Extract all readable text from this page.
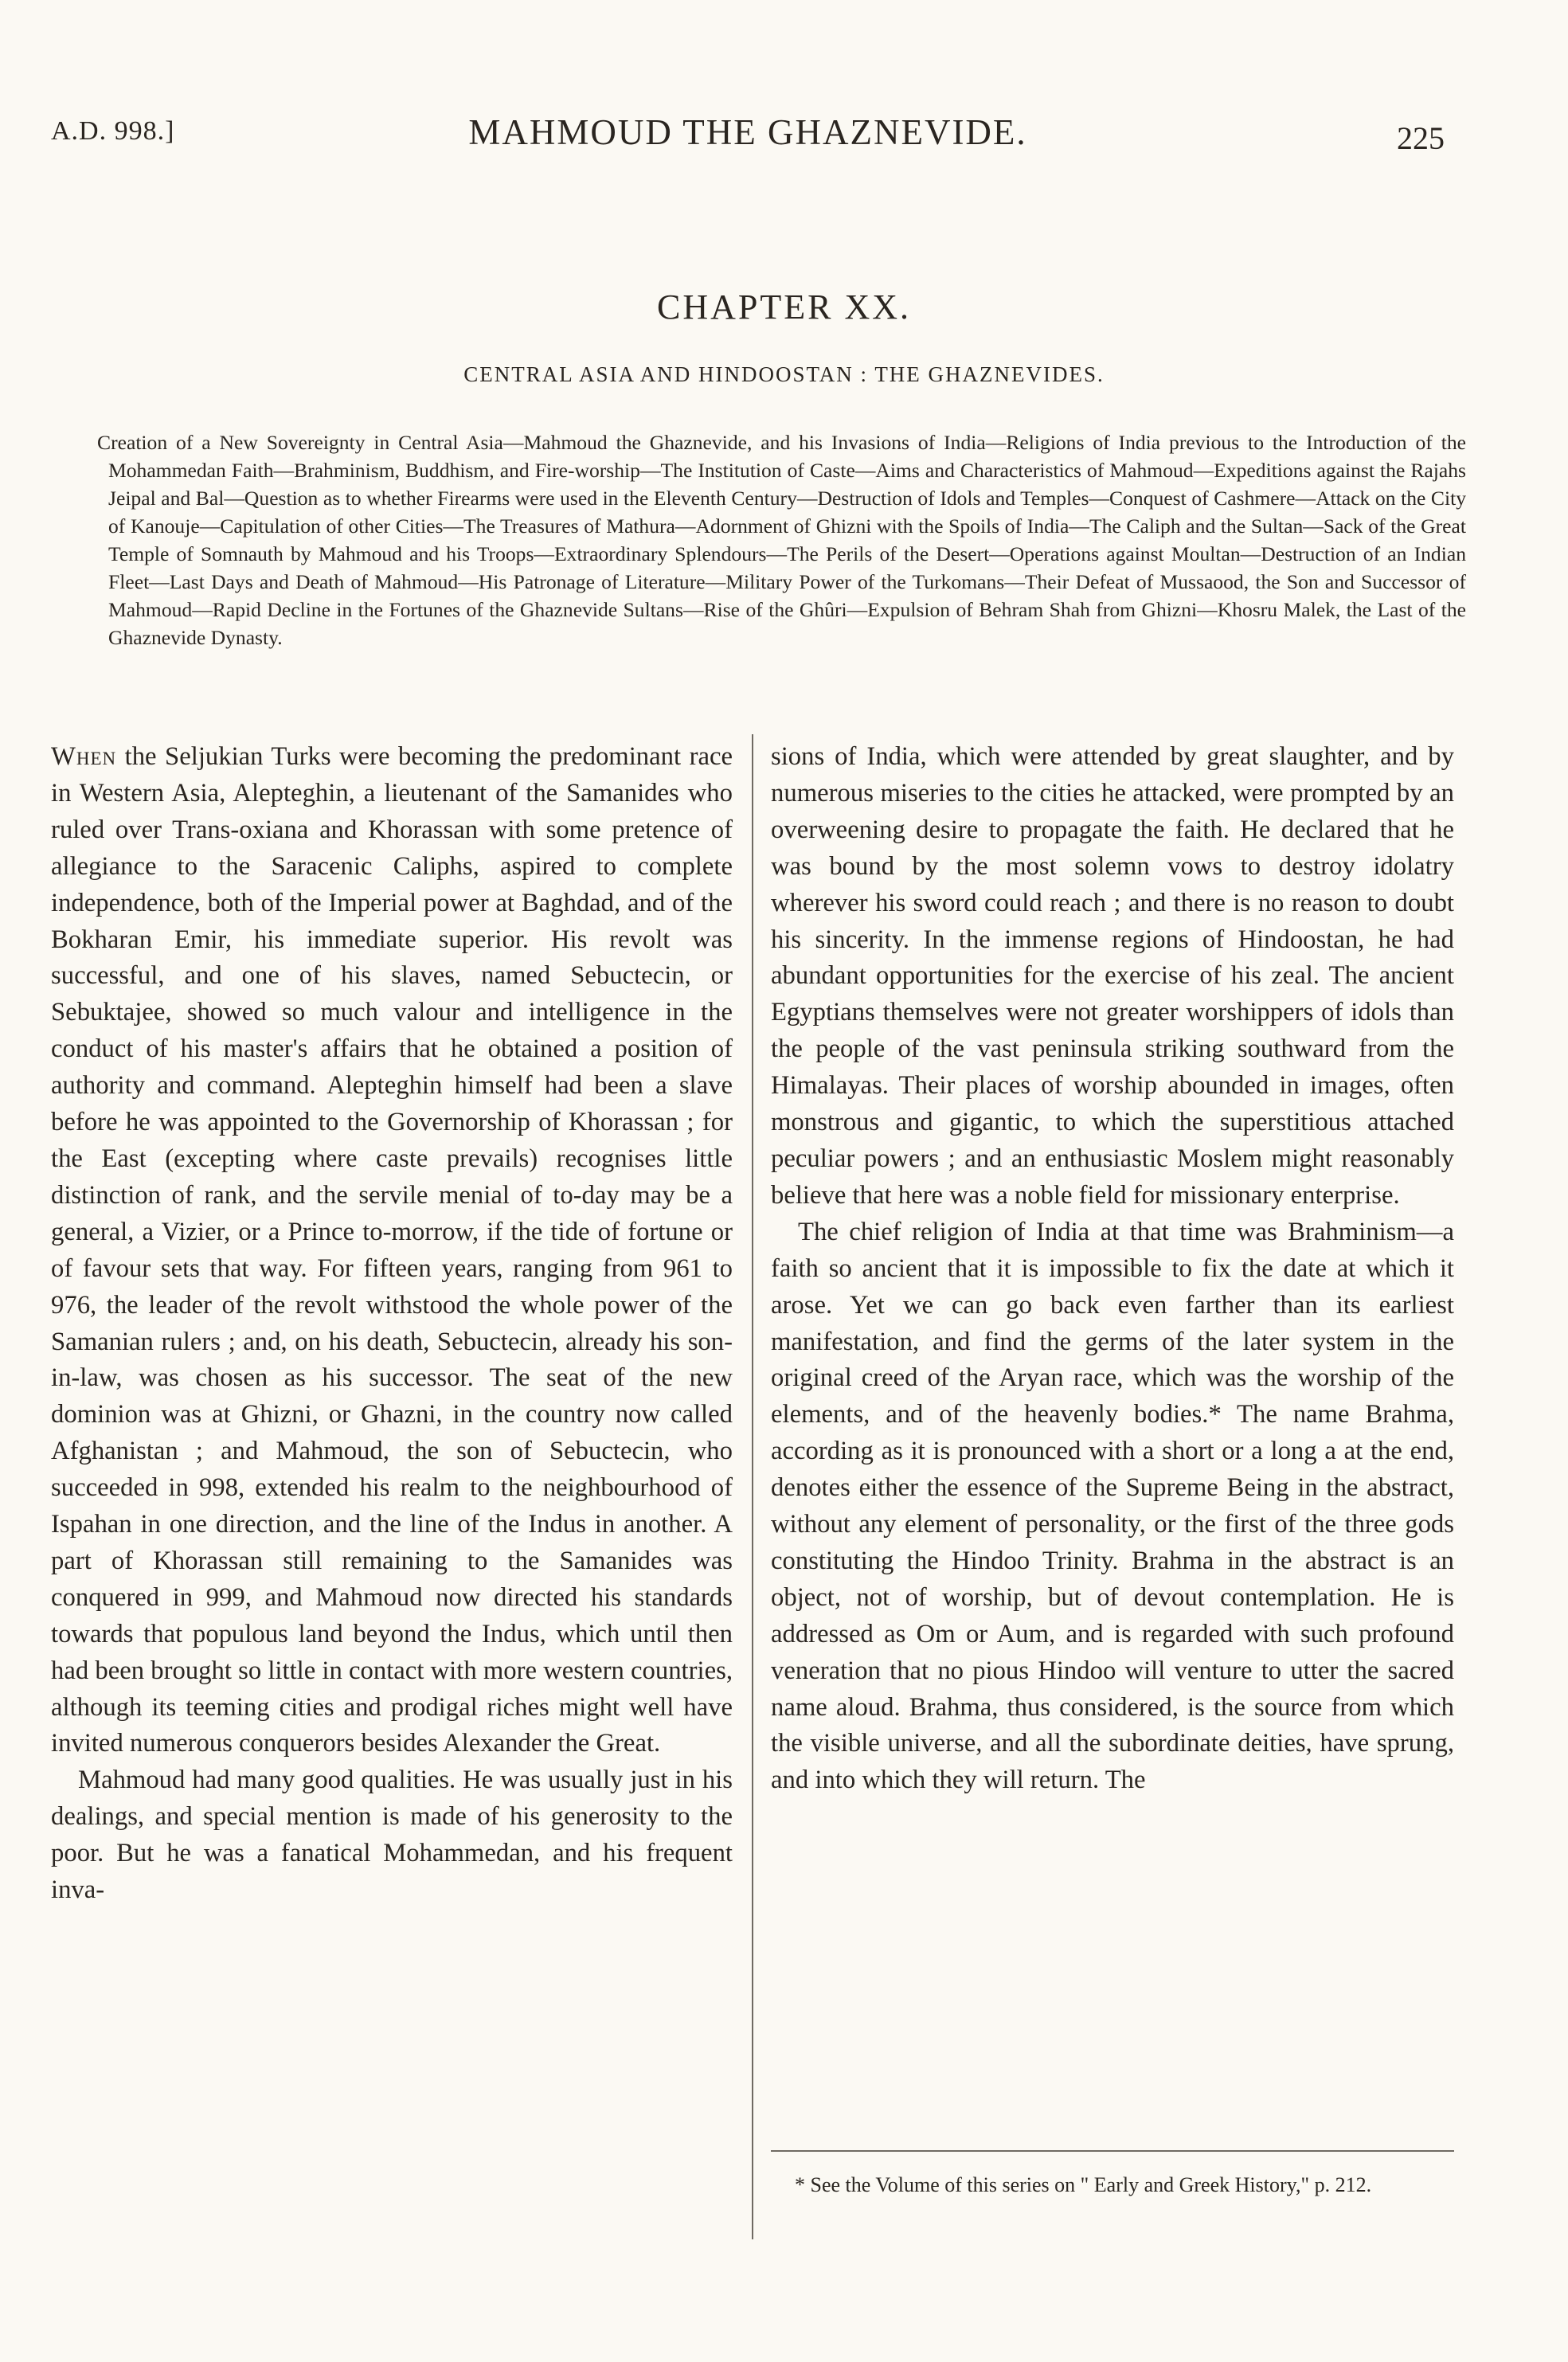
A.D. 998.]	MAHMOUD THE GHAZNEVIDE.	225
CHAPTER XX.
CENTRAL ASIA AND HINDOOSTAN : THE GHAZNEVIDES.
Creation of a New Sovereignty in Central Asia—Mahmoud the Ghaznevide, and his Invasions of India—Religions of India previous to the Introduction of the Mohammedan Faith—Brahminism, Buddhism, and Fire-worship—The Institution of Caste—Aims and Characteristics of Mahmoud—Expeditions against the Rajahs Jeipal and Bal—Question as to whether Firearms were used in the Eleventh Century—Destruction of Idols and Temples—Conquest of Cashmere—Attack on the City of Kanouje—Capitulation of other Cities—The Treasures of Mathura—Adornment of Ghizni with the Spoils of India—The Caliph and the Sultan—Sack of the Great Temple of Somnauth by Mahmoud and his Troops—Extraordinary Splendours—The Perils of the Desert—Operations against Moultan—Destruction of an Indian Fleet—Last Days and Death of Mahmoud—His Patronage of Literature—Military Power of the Turkomans—Their Defeat of Mussaood, the Son and Successor of Mahmoud—Rapid Decline in the Fortunes of the Ghaznevide Sultans—Rise of the Ghûri—Expulsion of Behram Shah from Ghizni—Khosru Malek, the Last of the Ghaznevide Dynasty.

When the Seljukian Turks were becoming the predominant race in Western Asia, Alepteghin, a lieutenant of the Samanides who ruled over Trans-oxiana and Khorassan with some pretence of allegiance to the Saracenic Caliphs, aspired to complete independence, both of the Imperial power at Baghdad, and of the Bokharan Emir, his immediate superior. His revolt was successful, and one of his slaves, named Sebuctecin, or Sebuktajee, showed so much valour and intelligence in the conduct of his master's affairs that he obtained a position of authority and command. Alepteghin himself had been a slave before he was appointed to the Governorship of Khorassan ; for the East (excepting where caste prevails) recognises little distinction of rank, and the servile menial of to-day may be a general, a Vizier, or a Prince to-morrow, if the tide of fortune or of favour sets that way. For fifteen years, ranging from 961 to 976, the leader of the revolt withstood the whole power of the Samanian rulers ; and, on his death, Sebuctecin, already his son-in-law, was chosen as his successor. The seat of the new dominion was at Ghizni, or Ghazni, in the country now called Afghanistan ; and Mahmoud, the son of Sebuctecin, who succeeded in 998, extended his realm to the neighbourhood of Ispahan in one direction, and the line of the Indus in another. A part of Khorassan still remaining to the Samanides was conquered in 999, and Mahmoud now directed his standards towards that populous land beyond the Indus, which until then had been brought so little in contact with more western countries, although its teeming cities and prodigal riches might well have invited numerous conquerors besides Alexander the Great.

Mahmoud had many good qualities. He was usually just in his dealings, and special mention is made of his generosity to the poor. But he was a fanatical Mohammedan, and his frequent inva-

sions of India, which were attended by great slaughter, and by numerous miseries to the cities he attacked, were prompted by an overweening desire to propagate the faith. He declared that he was bound by the most solemn vows to destroy idolatry wherever his sword could reach ; and there is no reason to doubt his sincerity. In the immense regions of Hindoostan, he had abundant opportunities for the exercise of his zeal. The ancient Egyptians themselves were not greater worshippers of idols than the people of the vast peninsula striking southward from the Himalayas. Their places of worship abounded in images, often monstrous and gigantic, to which the superstitious attached peculiar powers ; and an enthusiastic Moslem might reasonably believe that here was a noble field for missionary enterprise.

The chief religion of India at that time was Brahminism—a faith so ancient that it is impossible to fix the date at which it arose. Yet we can go back even farther than its earliest manifestation, and find the germs of the later system in the original creed of the Aryan race, which was the worship of the elements, and of the heavenly bodies.* The name Brahma, according as it is pronounced with a short or a long a at the end, denotes either the essence of the Supreme Being in the abstract, without any element of personality, or the first of the three gods constituting the Hindoo Trinity. Brahma in the abstract is an object, not of worship, but of devout contemplation. He is addressed as Om or Aum, and is regarded with such profound veneration that no pious Hindoo will venture to utter the sacred name aloud. Brahma, thus considered, is the source from which the visible universe, and all the subordinate deities, have sprung, and into which they will return. The

* See the Volume of this series on " Early and Greek History," p. 212.
